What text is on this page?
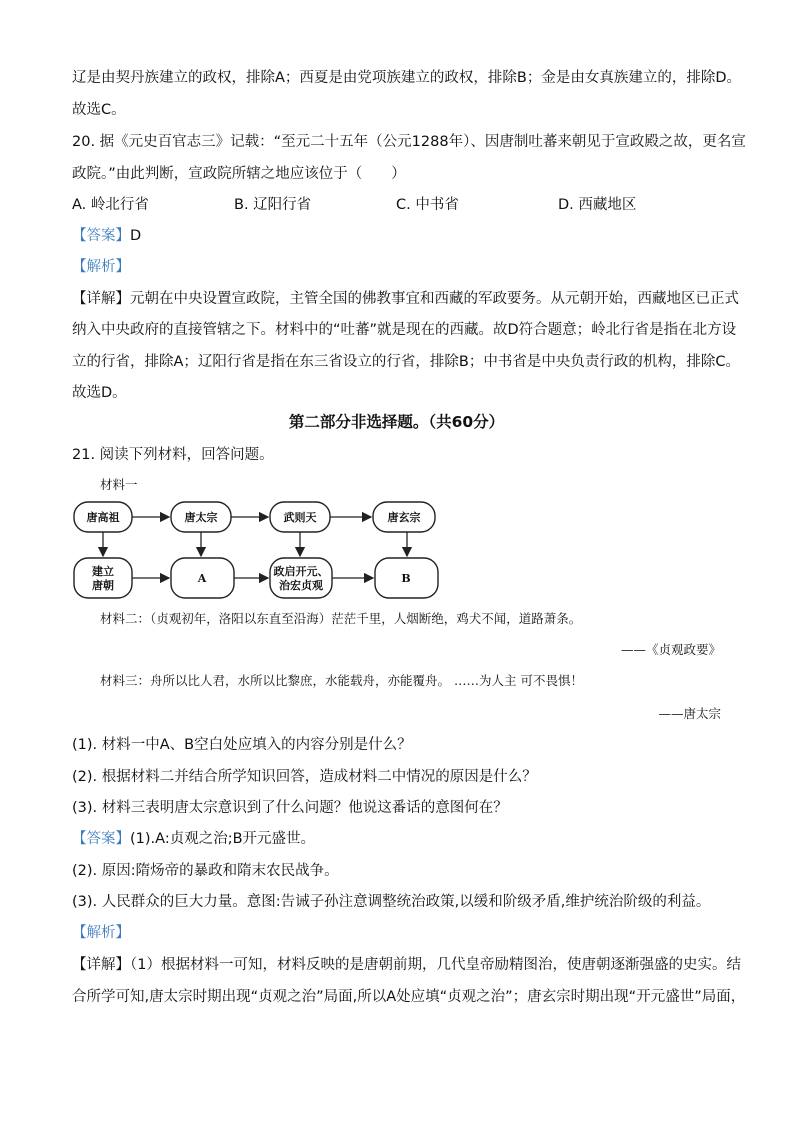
辽是由契丹族建立的政权，排除A；西夏是由党项族建立的政权，排除B；金是由女真族建立的，排除D。
故选C。
20. 据《元史百官志三》记载：“至元二十五年（公元1288年）、因唐制吐蕃来朝见于宣政殿之故，更名宣
政院。”由此判断，宣政院所辖之地应该位于（　　）
A. 岭北行省	B. 辽阳行省	C. 中书省	D. 西藏地区
【答案】D
【解析】
【详解】元朝在中央设置宣政院，主管全国的佛教事宜和西藏的军政要务。从元朝开始，西藏地区已正式
纳入中央政府的直接管辖之下。材料中的“吐蕃”就是现在的西藏。故D符合题意；岭北行省是指在北方设
立的行省，排除A；辽阳行省是指在东三省设立的行省，排除B；中书省是中央负责行政的机构，排除C。
故选D。
第二部分非选择题。（共60分）
21. 阅读下列材料，回答问题。
材料一
唐高祖	唐太宗	武则天	唐玄宗
建立
唐朝
A
政启开元、
治宏贞观
B
材料二：（贞观初年，洛阳以东直至沿海）茫茫千里，人烟断绝，鸡犬不闻，道路萧条。
——《贞观政要》
材料三：舟所以比人君，水所以比黎庶，水能载舟，亦能覆舟。 ……为人主 可不畏惧！
——唐太宗
(1). 材料一中A、B空白处应填入的内容分别是什么？
(2). 根据材料二并结合所学知识回答，造成材料二中情况的原因是什么？
(3). 材料三表明唐太宗意识到了什么问题？他说这番话的意图何在？
【答案】(1).A:贞观之治;B开元盛世。
(2). 原因:隋炀帝的暴政和隋末农民战争。
(3). 人民群众的巨大力量。意图:告诫子孙注意调整统治政策,以缓和阶级矛盾,维护统治阶级的利益。
【解析】
【详解】（1）根据材料一可知，材料反映的是唐朝前期，几代皇帝励精图治，使唐朝逐渐强盛的史实。结
合所学可知,唐太宗时期出现“贞观之治”局面,所以A处应填“贞观之治”；唐玄宗时期出现“开元盛世”局面，
